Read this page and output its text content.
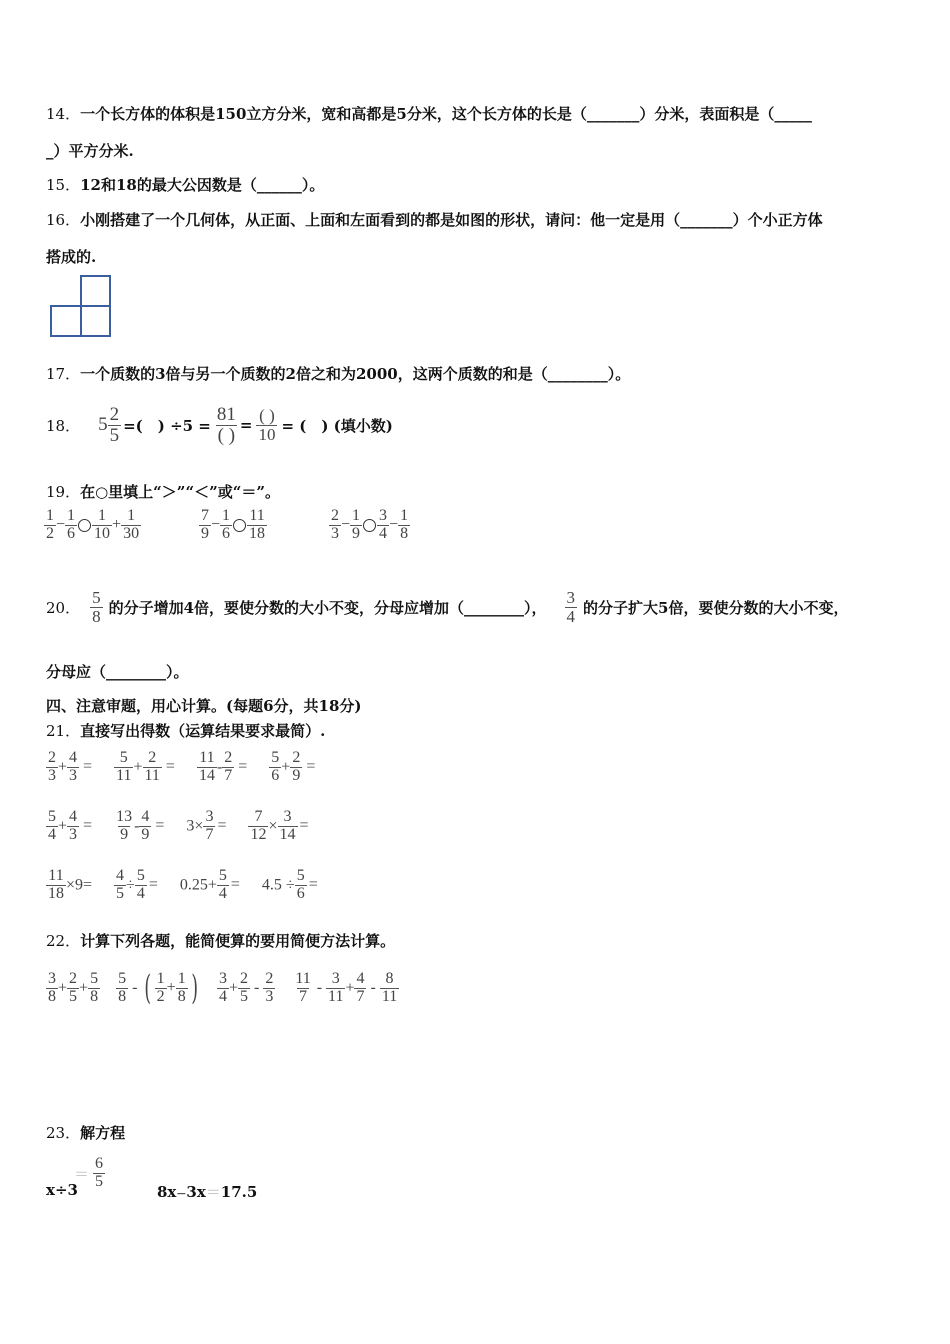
14．一个长方体的体积是150立方分米，宽和高都是5分米，这个长方体的长是（_______）分米，表面积是（_____
_）平方分米.
15．12和18的最大公因数是（______）。
16．小刚搭建了一个几何体，从正面、上面和左面看到的都是如图的形状，请问：他一定是用（_______）个小正方体
搭成的.
17．一个质数的3倍与另一个质数的2倍之和为2000，这两个质数的和是（________）。
18． $5 \frac{2}{5}$ =(　) $\div 5 = \frac{81}{( )} = \frac{( )}{10}$ = (　) (填小数)
19．在○里填上“＞”“＜”或“＝”。
$\frac{1}{2} - \frac{1}{6} \frac{1}{10} + \frac{1}{30}$	$\frac{7}{9} - \frac{1}{6} \frac{11}{18}$	$\frac{2}{3} - \frac{1}{9} \frac{3}{4} - \frac{1}{8}$
20． $\frac{5}{8}$ 的分子增加4倍，要使分数的大小不变，分母应增加（________）， $\frac{3}{4}$ 的分子扩大5倍，要使分数的大小不变，
分母应（________）。
四、注意审题，用心计算。(每题6分，共18分)
21．直接写出得数（运算结果要求最简）.
$\frac{2}{3} + \frac{4}{3} = \frac{5}{11} + \frac{2}{11} = \frac{11}{14} - \frac{2}{7} = \frac{5}{6} + \frac{2}{9}$ =
$\frac{5}{4} + \frac{4}{3} = \frac{13}{9} - \frac{4}{9} = 3\times \frac{3}{7} = \frac{7}{12} \times \frac{3}{14}$ =
$\frac{11}{18} \times 9= \frac{4}{5} \div \frac{5}{4} = 0.25+ \frac{5}{4} = 4.5 \div \frac{5}{6}$ =
22．计算下列各题，能简便算的要用简便方法计算。
$\frac{3}{8} + \frac{2}{5} + \frac{5}{8} \frac{5}{8}$ - ( $\frac{1}{2} + \frac{1}{8}$ ) $\frac{3}{4} + \frac{2}{5} - \frac{2}{3} \frac{11}{7} - \frac{3}{11} + \frac{4}{7} - \frac{8}{11}$
23．解方程
x÷3
＝ $\frac{6}{5}$
8x－3x＝17.5
